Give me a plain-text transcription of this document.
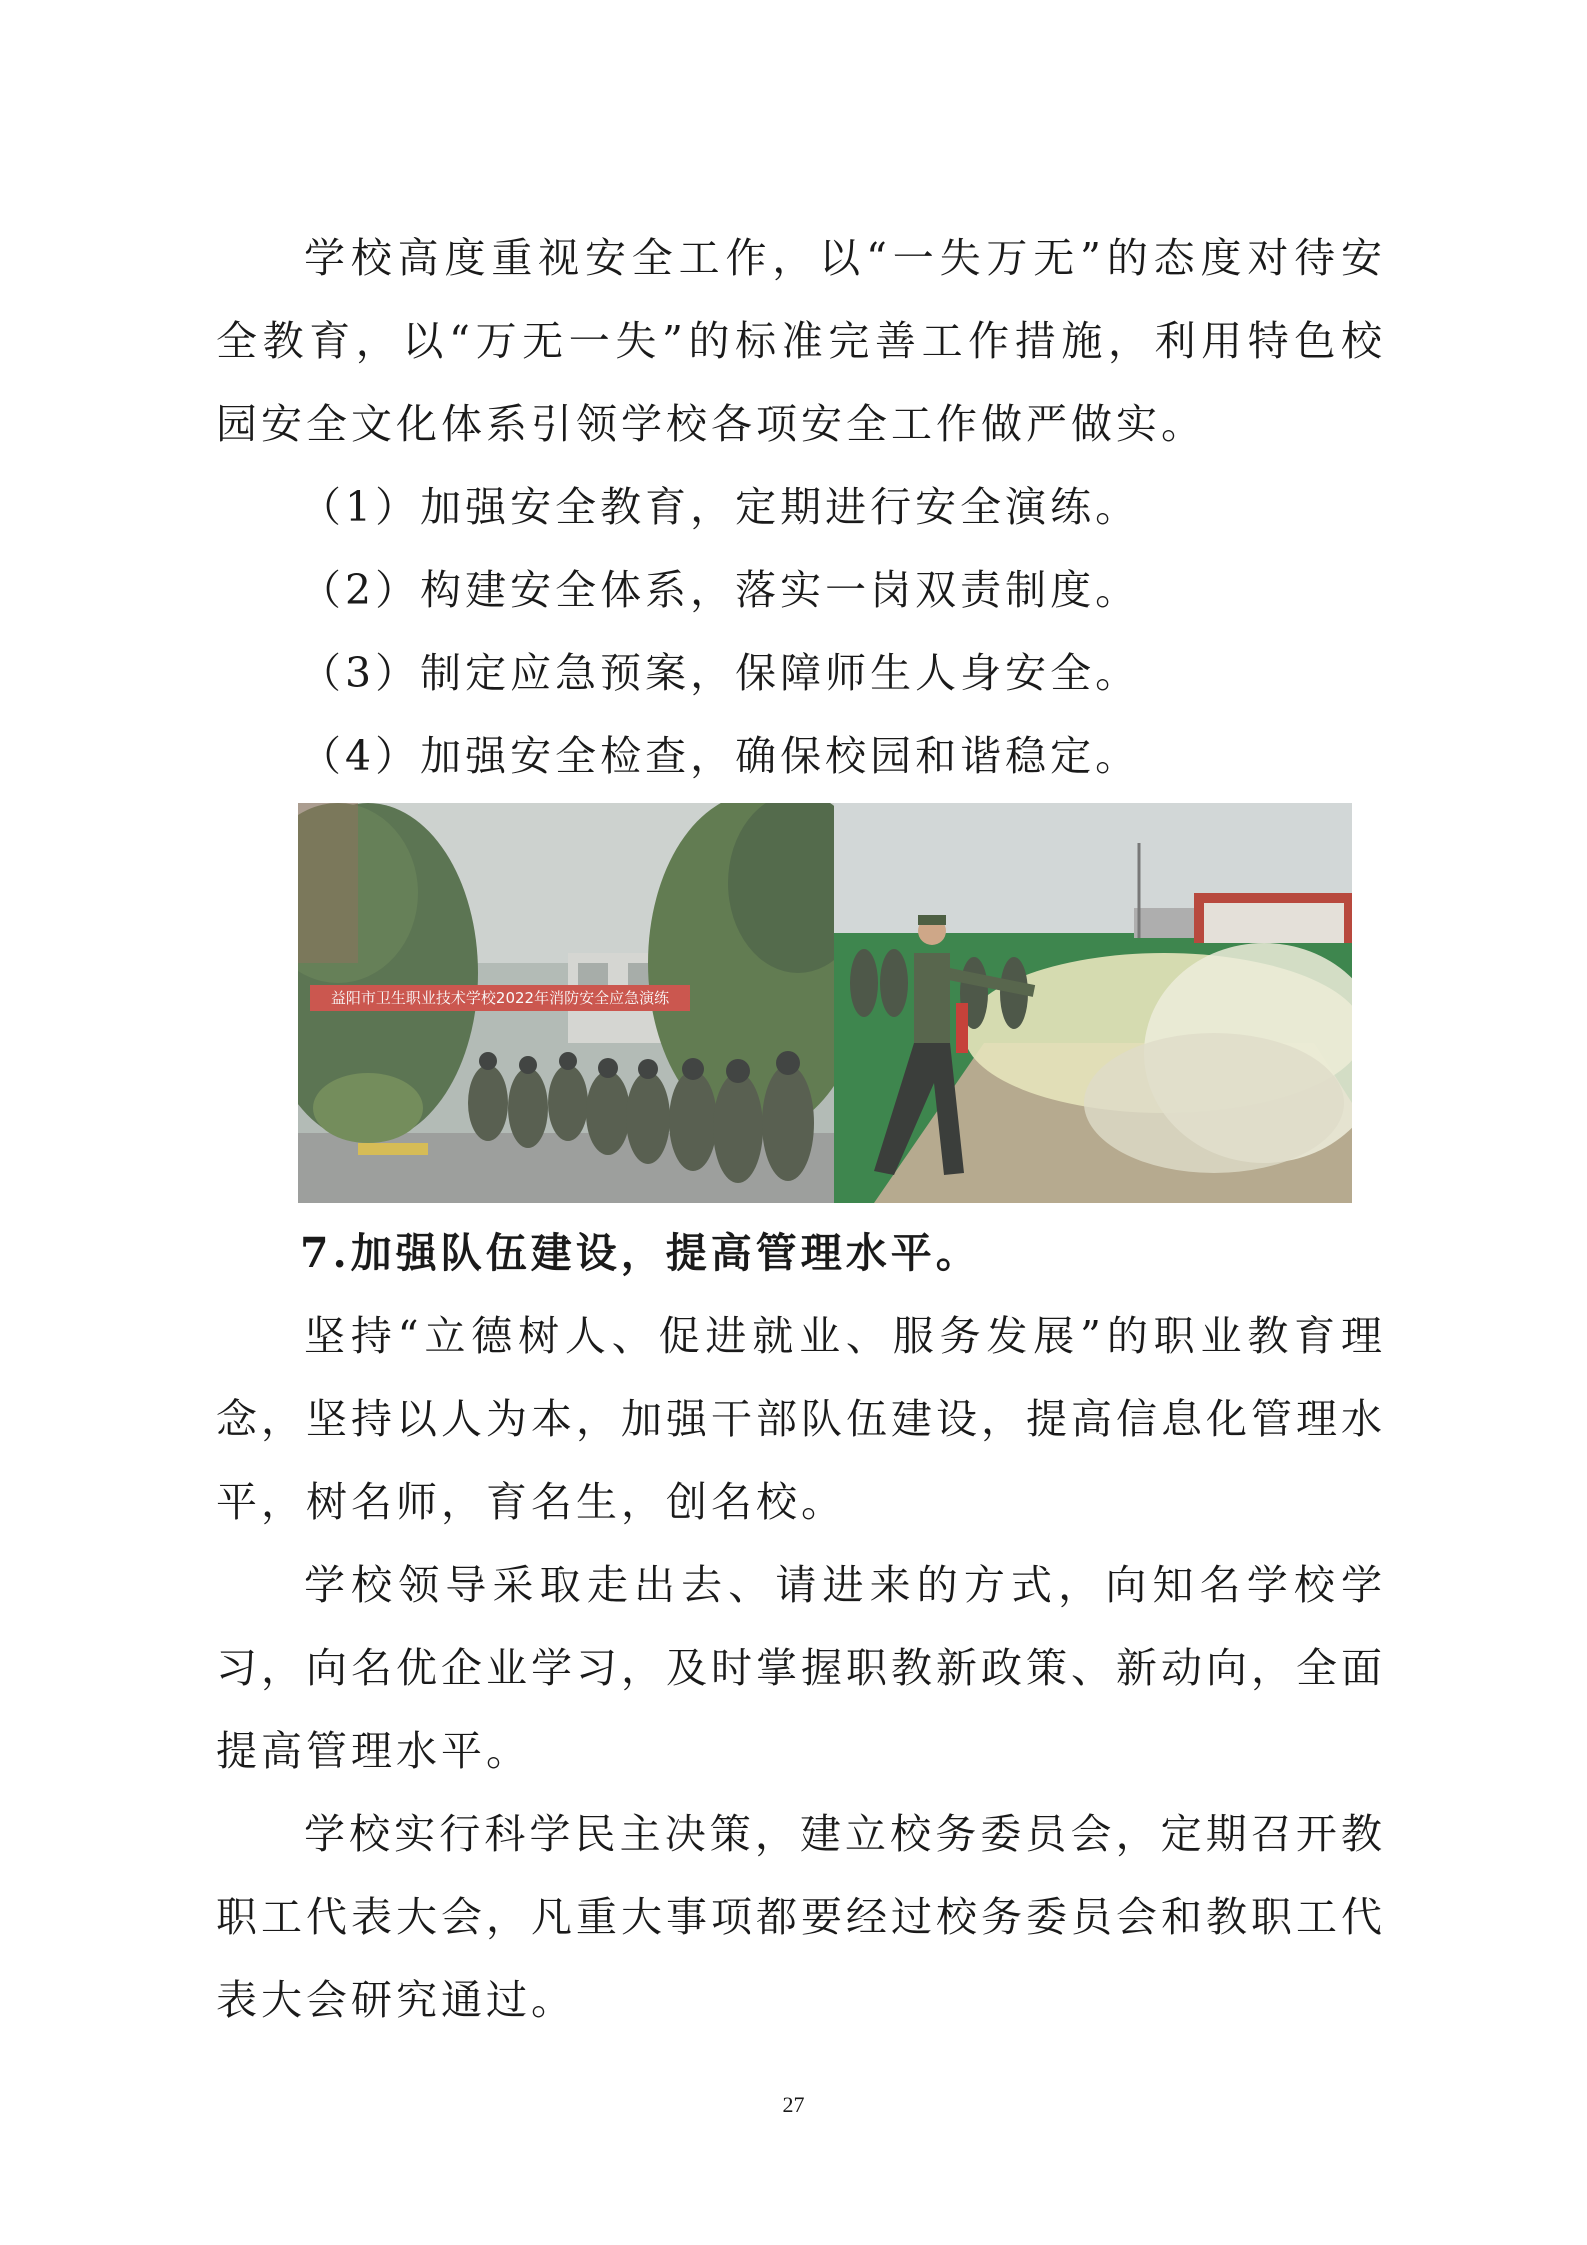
学校高度重视安全工作，以“一失万无”的态度对待安全教育，以“万无一失”的标准完善工作措施，利用特色校园安全文化体系引领学校各项安全工作做严做实。

（1）加强安全教育，定期进行安全演练。

（2）构建安全体系，落实一岗双责制度。

（3）制定应急预案，保障师生人身安全。

（4）加强安全检查，确保校园和谐稳定。

益阳市卫生职业技术学校2022年消防安全应急演练

7.加强队伍建设，提高管理水平。

坚持“立德树人、促进就业、服务发展”的职业教育理念，坚持以人为本，加强干部队伍建设，提高信息化管理水平，树名师，育名生，创名校。

学校领导采取走出去、请进来的方式，向知名学校学习，向名优企业学习，及时掌握职教新政策、新动向，全面提高管理水平。

学校实行科学民主决策，建立校务委员会，定期召开教职工代表大会，凡重大事项都要经过校务委员会和教职工代表大会研究通过。

27
